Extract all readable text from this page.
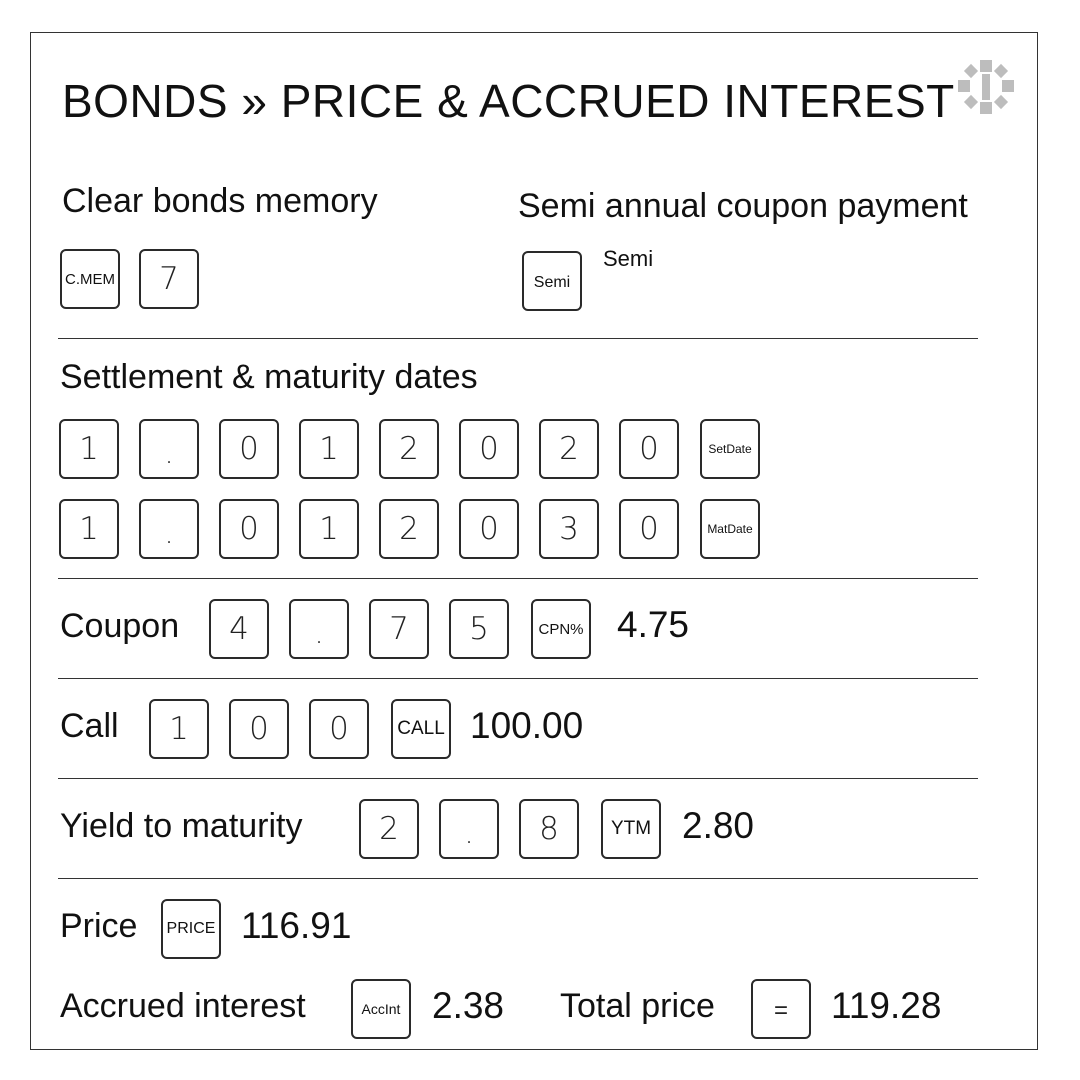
BONDS » PRICE & ACCRUED INTEREST
Clear bonds memory
C.MEM	7
Semi annual coupon payment
Semi
Semi
Settlement & maturity dates
1	.	0	1	2	0	2	0	SetDate
1	.	0	1	2	0	3	0	MatDate
Coupon	4	.	7	5	CPN% 4.75
Call	1	0	0	CALL 100.00
Yield to maturity	2	.	8	YTM 2.80
Price	PRICE 116.91
Accrued interest	AccInt 2.38 Total price	=	119.28
